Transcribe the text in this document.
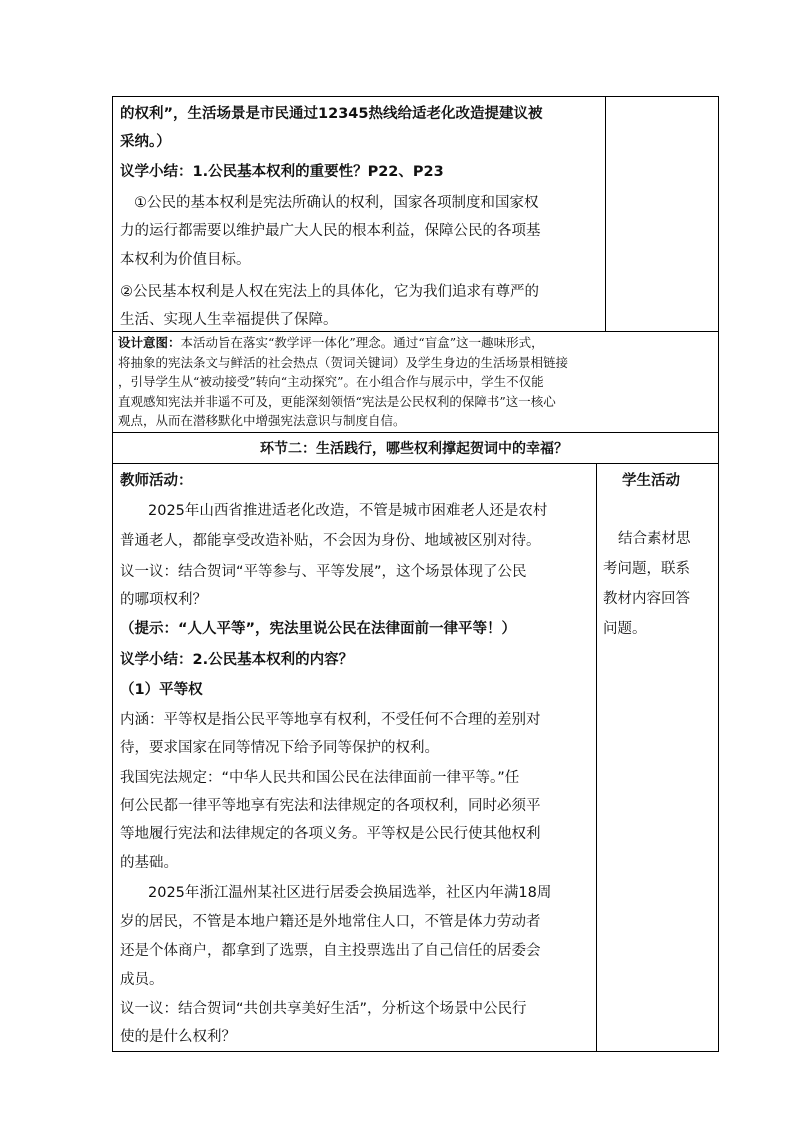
的权利”，生活场景是市民通过12345热线给适老化改造提建议被
采纳。）
议学小结：1.公民基本权利的重要性？P22、P23
①公民的基本权利是宪法所确认的权利，国家各项制度和国家权
力的运行都需要以维护最广大人民的根本利益，保障公民的各项基
本权利为价值目标。
②公民基本权利是人权在宪法上的具体化，它为我们追求有尊严的
生活、实现人生幸福提供了保障。
设计意图：本活动旨在落实“教学评一体化”理念。通过“盲盒”这一趣味形式，
将抽象的宪法条文与鲜活的社会热点（贺词关键词）及学生身边的生活场景相链接
，引导学生从“被动接受”转向“主动探究”。在小组合作与展示中，学生不仅能
直观感知宪法并非遥不可及，更能深刻领悟“宪法是公民权利的保障书”这一核心
观点，从而在潜移默化中增强宪法意识与制度自信。
环节二：生活践行，哪些权利撑起贺词中的幸福？
教师活动：
2025年山西省推进适老化改造，不管是城市困难老人还是农村
普通老人，都能享受改造补贴，不会因为身份、地域被区别对待。
议一议：结合贺词“平等参与、平等发展”，这个场景体现了公民
的哪项权利？
（提示：“人人平等”，宪法里说公民在法律面前一律平等！）
议学小结：2.公民基本权利的内容？
（1）平等权
内涵：平等权是指公民平等地享有权利，不受任何不合理的差别对
待，要求国家在同等情况下给予同等保护的权利。
我国宪法规定：“中华人民共和国公民在法律面前一律平等。”任
何公民都一律平等地享有宪法和法律规定的各项权利，同时必须平
等地履行宪法和法律规定的各项义务。平等权是公民行使其他权利
的基础。
2025年浙江温州某社区进行居委会换届选举，社区内年满18周
岁的居民，不管是本地户籍还是外地常住人口，不管是体力劳动者
还是个体商户，都拿到了选票，自主投票选出了自己信任的居委会
成员。
议一议：结合贺词“共创共享美好生活”，分析这个场景中公民行
使的是什么权利？
学生活动
结合素材思
考问题，联系
教材内容回答
问题。
